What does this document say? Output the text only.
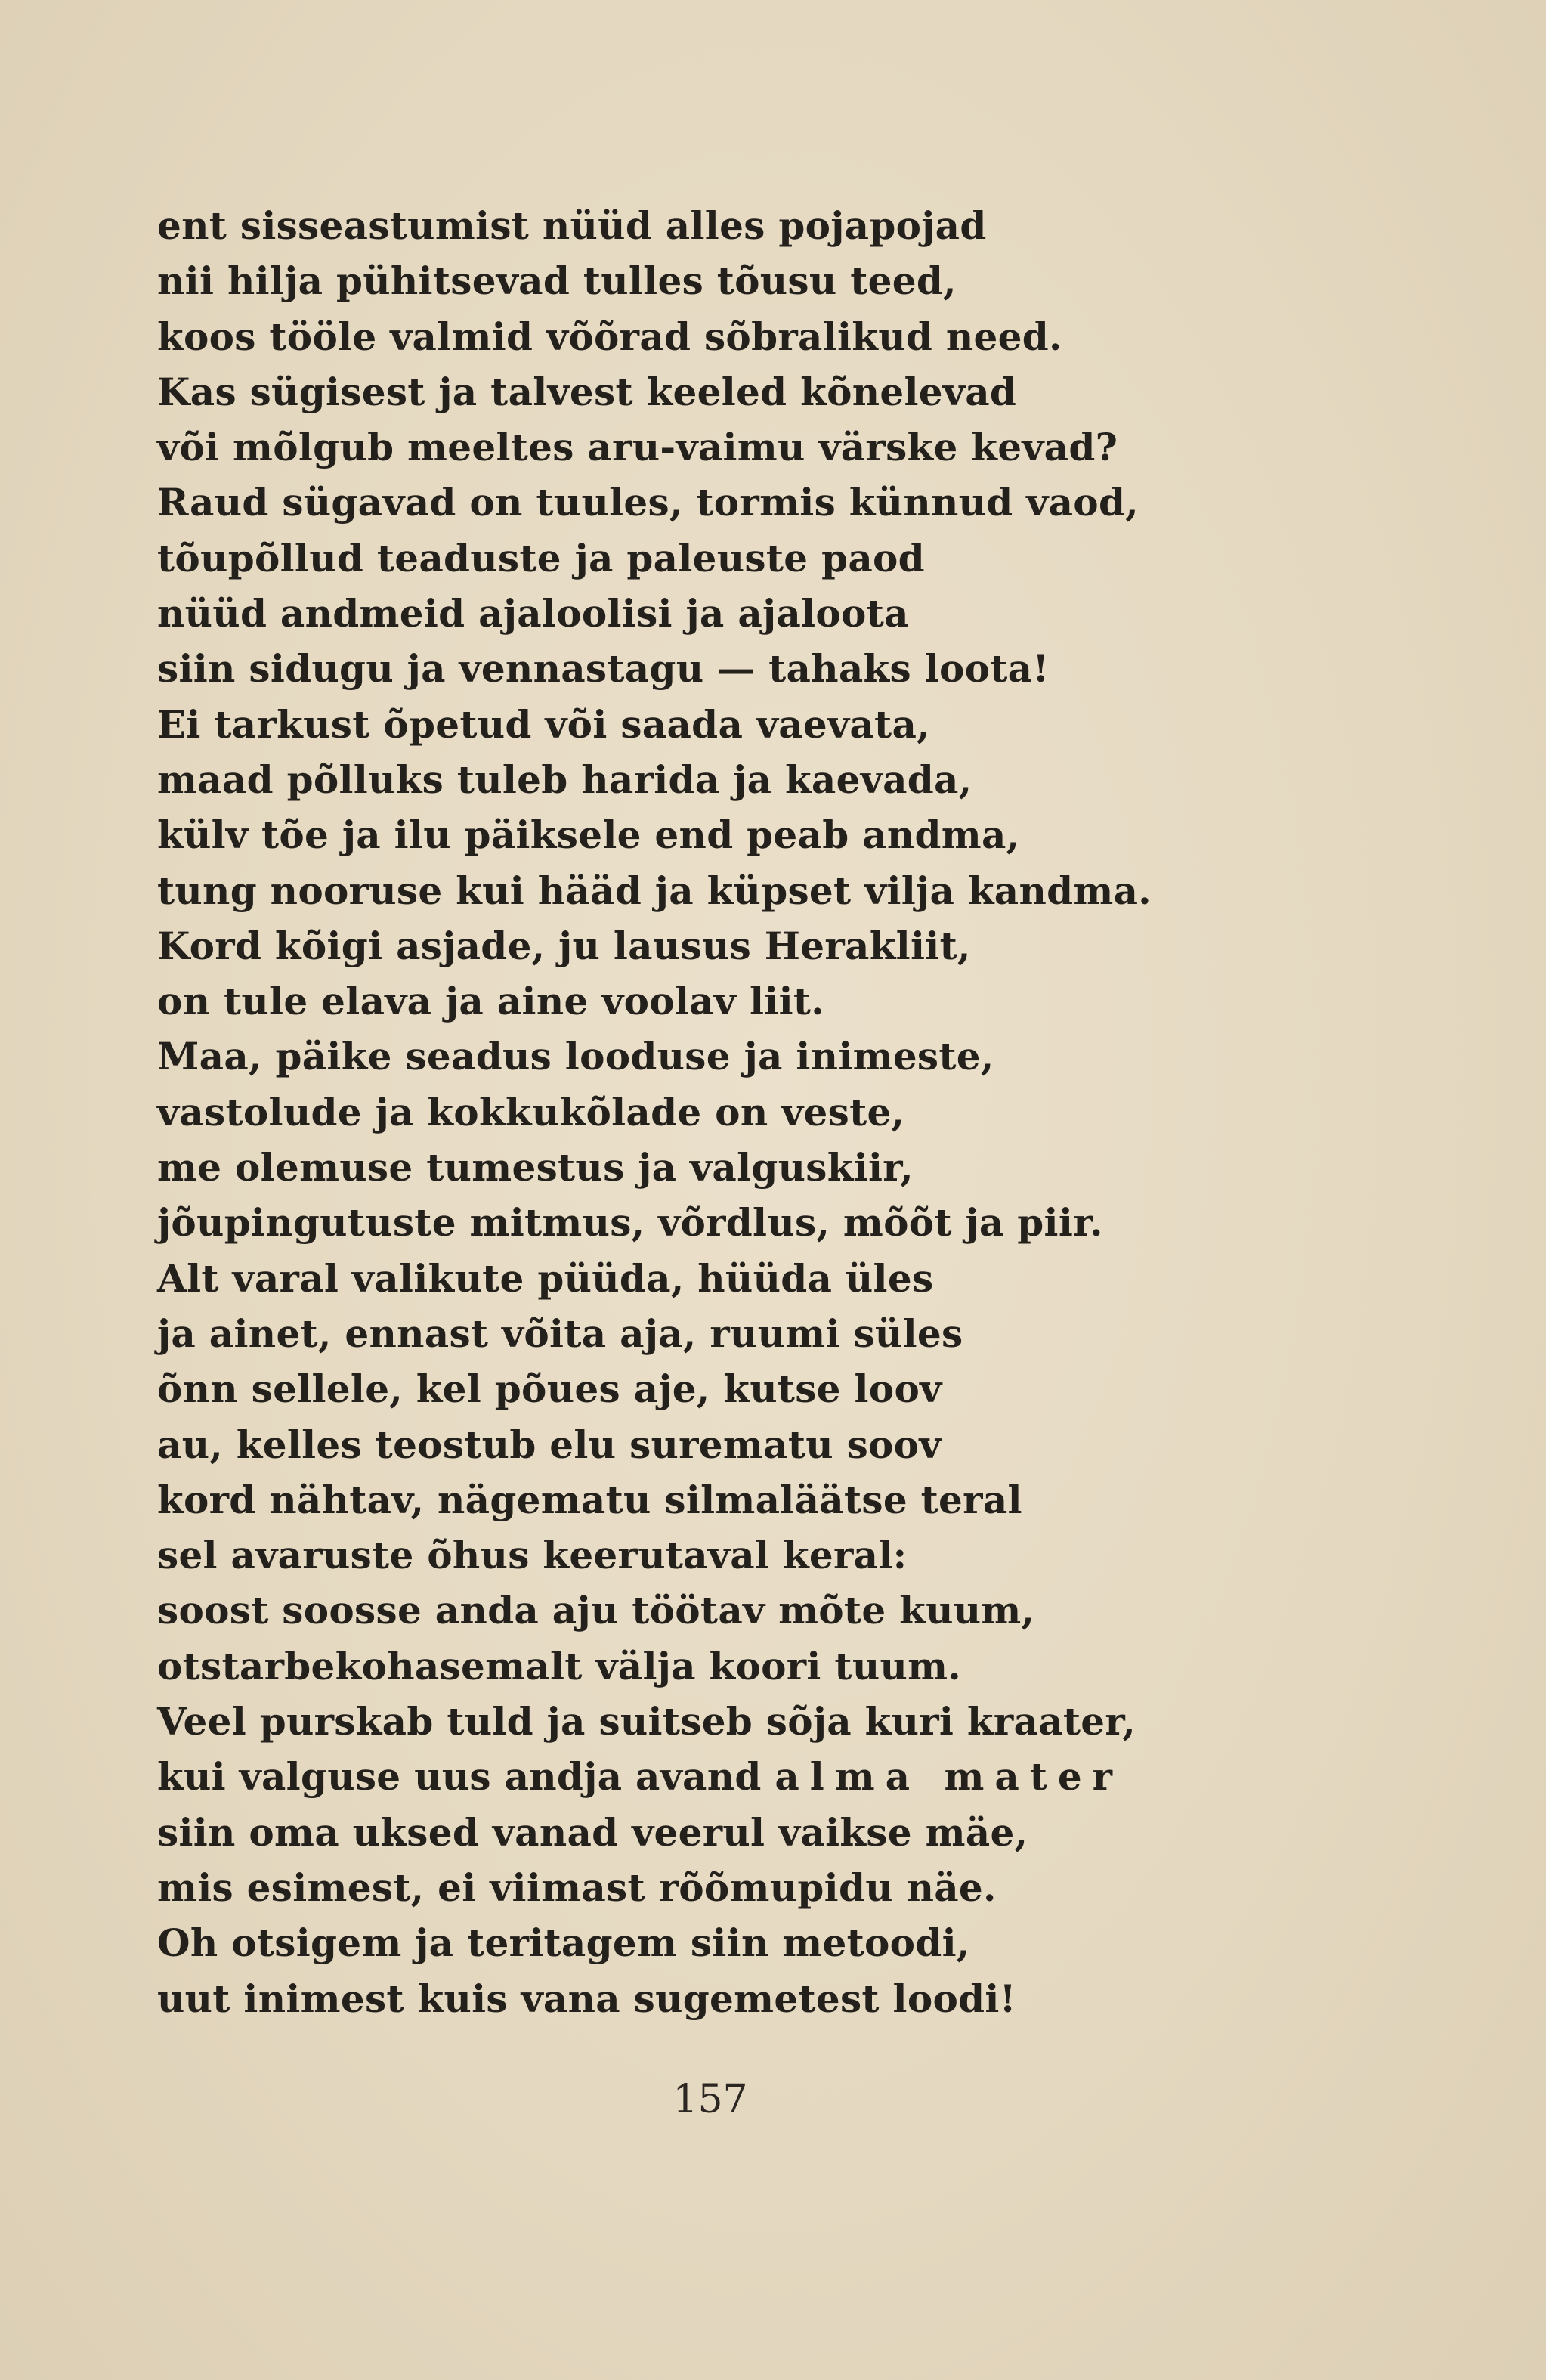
ent sisseastumist nüüd alles pojapojad
nii hilja pühitsevad tulles tõusu teed,
koos tööle valmid võõrad sõbralikud need.
Kas sügisest ja talvest keeled kõnelevad
või mõlgub meeltes aru-vaimu värske kevad?
Raud sügavad on tuules, tormis künnud vaod,
tõupõllud teaduste ja paleuste paod
nüüd andmeid ajaloolisi ja ajaloota
siin sidugu ja vennastagu — tahaks loota!
Ei tarkust õpetud või saada vaevata,
maad põlluks tuleb harida ja kaevada,
külv tõe ja ilu päiksele end peab andma,
tung nooruse kui hääd ja küpset vilja kandma.
Kord kõigi asjade, ju lausus Herakliit,
on tule elava ja aine voolav liit.
Maa, päike seadus looduse ja inimeste,
vastolude ja kokkukõlade on veste,
me olemuse tumestus ja valguskiir,
jõupingutuste mitmus, võrdlus, mõõt ja piir.
Alt varal valikute püüda, hüüda üles
ja ainet, ennast võita aja, ruumi süles
õnn sellele, kel põues aje, kutse loov
au, kelles teostub elu surematu soov
kord nähtav, nägematu silmaläätse teral
sel avaruste õhus keerutaval keral:
soost soosse anda aju töötav mõte kuum,
otstarbekohasemalt välja koori tuum.
Veel purskab tuld ja suitseb sõja kuri kraater,
kui valguse uus andja avand alma mater
siin oma uksed vanad veerul vaikse mäe,
mis esimest, ei viimast rõõmupidu näe.
Oh otsigem ja teritagem siin metoodi,
uut inimest kuis vana sugemetest loodi!
157
